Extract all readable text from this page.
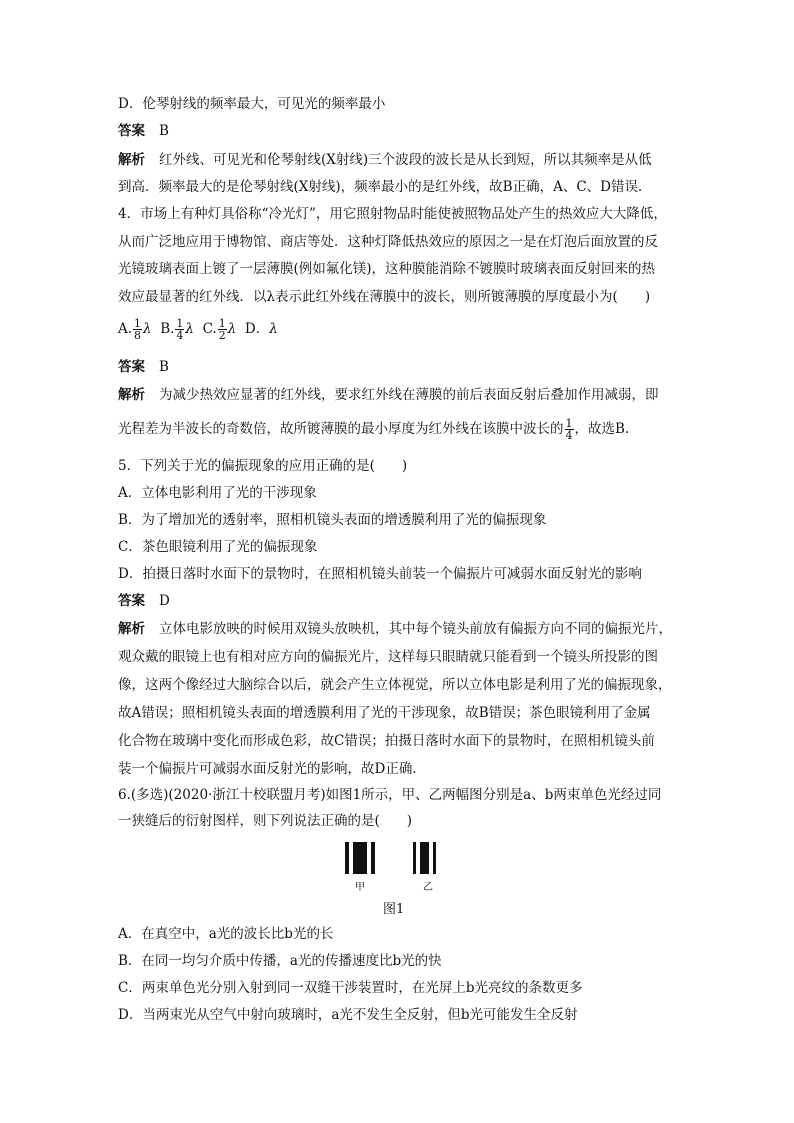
D．伦琴射线的频率最大，可见光的频率最小
答案 B
解析 红外线、可见光和伦琴射线(X射线)三个波段的波长是从长到短，所以其频率是从低
到高．频率最大的是伦琴射线(X射线)，频率最小的是红外线，故B正确，A、C、D错误．
4．市场上有种灯具俗称“冷光灯”，用它照射物品时能使被照物品处产生的热效应大大降低，
从而广泛地应用于博物馆、商店等处．这种灯降低热效应的原因之一是在灯泡后面放置的反
光镜玻璃表面上镀了一层薄膜(例如氟化镁)，这种膜能消除不镀膜时玻璃表面反射回来的热
效应最显著的红外线．以λ表示此红外线在薄膜中的波长，则所镀薄膜的厚度最小为(　　)
A. $\frac{1}{8}$ λ B. $\frac{1}{4}$ λ C. $\frac{1}{2}$ λ D．λ
答案 B
解析 为减少热效应显著的红外线，要求红外线在薄膜的前后表面反射后叠加作用减弱，即
光程差为半波长的奇数倍，故所镀薄膜的最小厚度为红外线在该膜中波长的 $\frac{1}{4}$ ，故选B.
5．下列关于光的偏振现象的应用正确的是(　　)
A．立体电影利用了光的干涉现象
B．为了增加光的透射率，照相机镜头表面的增透膜利用了光的偏振现象
C．茶色眼镜利用了光的偏振现象
D．拍摄日落时水面下的景物时，在照相机镜头前装一个偏振片可减弱水面反射光的影响
答案 D
解析 立体电影放映的时候用双镜头放映机，其中每个镜头前放有偏振方向不同的偏振光片，
观众戴的眼镜上也有相对应方向的偏振光片，这样每只眼睛就只能看到一个镜头所投影的图
像，这两个像经过大脑综合以后，就会产生立体视觉，所以立体电影是利用了光的偏振现象，
故A错误；照相机镜头表面的增透膜利用了光的干涉现象，故B错误；茶色眼镜利用了金属
化合物在玻璃中变化而形成色彩，故C错误；拍摄日落时水面下的景物时，在照相机镜头前
装一个偏振片可减弱水面反射光的影响，故D正确．
6.(多选)(2020·浙江十校联盟月考)如图1所示，甲、乙两幅图分别是a、b两束单色光经过同
一狭缝后的衍射图样，则下列说法正确的是(　　)
甲	乙
图1
A．在真空中，a光的波长比b光的长
B．在同一均匀介质中传播，a光的传播速度比b光的快
C．两束单色光分别入射到同一双缝干涉装置时，在光屏上b光亮纹的条数更多
D．当两束光从空气中射向玻璃时，a光不发生全反射，但b光可能发生全反射
